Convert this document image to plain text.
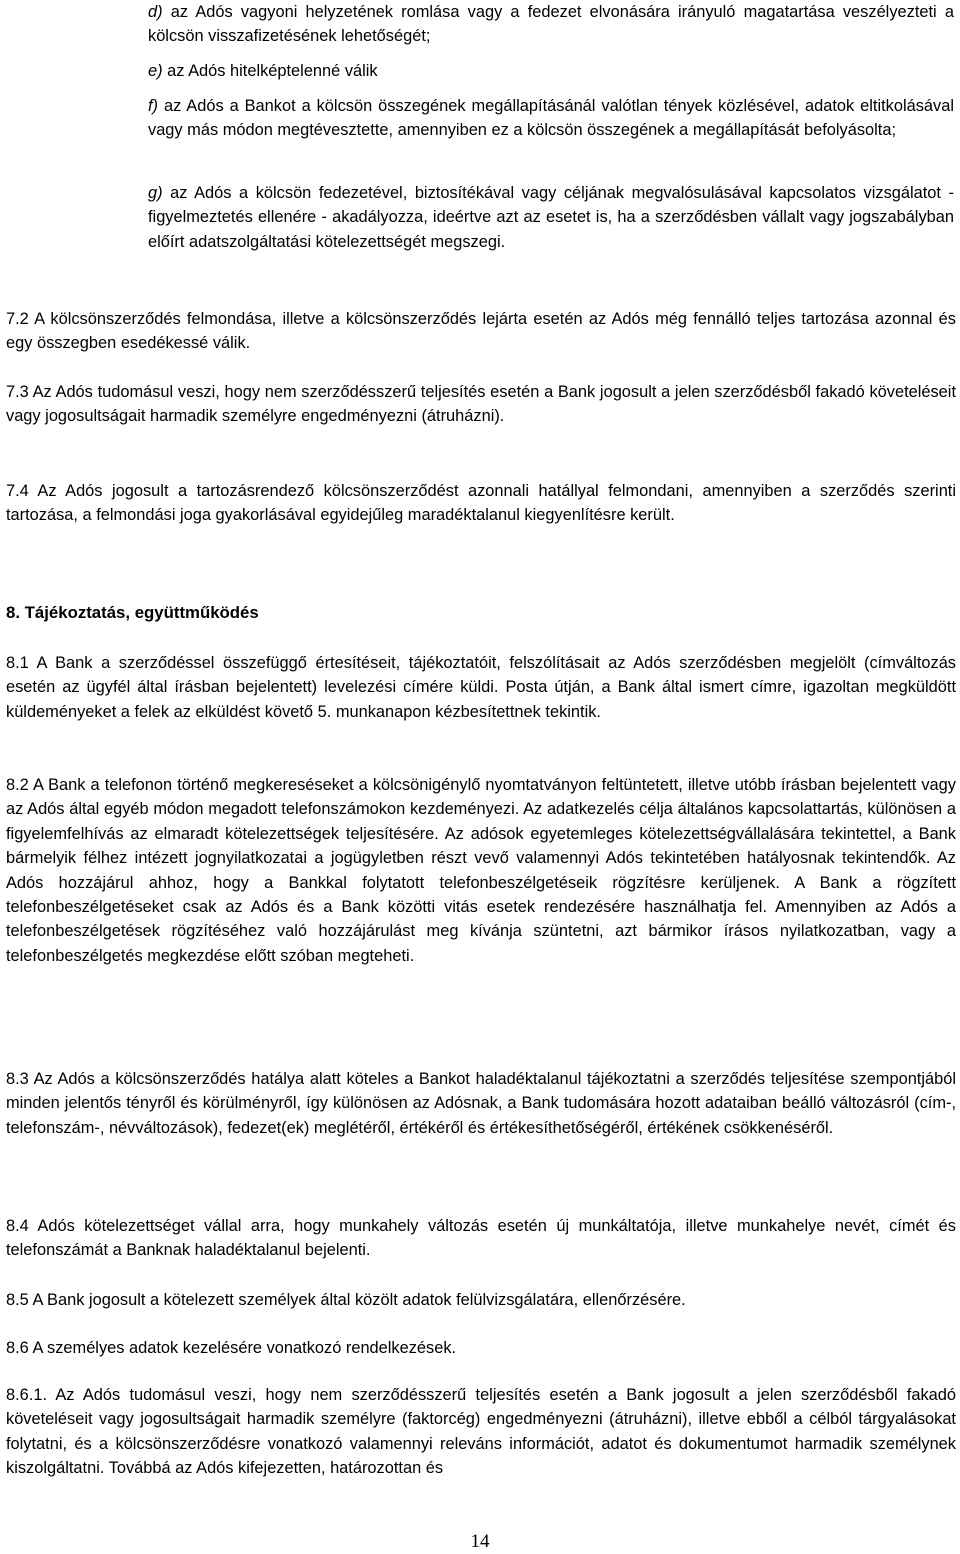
d) az Adós vagyoni helyzetének romlása vagy a fedezet elvonására irányuló magatartása veszélyezteti a kölcsön visszafizetésének lehetőségét;

e) az Adós hitelképtelenné válik

f) az Adós a Bankot a kölcsön összegének megállapításánál valótlan tények közlésével, adatok eltitkolásával vagy más módon megtévesztette, amennyiben ez a kölcsön összegének a megállapítását befolyásolta;

g) az Adós a kölcsön fedezetével, biztosítékával vagy céljának megvalósulásával kapcsolatos vizsgálatot - figyelmeztetés ellenére - akadályozza, ideértve azt az esetet is, ha a szerződésben vállalt vagy jogszabályban előírt adatszolgáltatási kötelezettségét megszegi.

7.2 A kölcsönszerződés felmondása, illetve a kölcsönszerződés lejárta esetén az Adós még fennálló teljes tartozása azonnal és egy összegben esedékessé válik.

7.3 Az Adós tudomásul veszi, hogy nem szerződésszerű teljesítés esetén a Bank jogosult a jelen szerződésből fakadó követeléseit vagy jogosultságait harmadik személyre engedményezni (átruházni).

7.4 Az Adós jogosult a tartozásrendező kölcsönszerződést azonnali hatállyal felmondani, amennyiben a szerződés szerinti tartozása, a felmondási joga gyakorlásával egyidejűleg maradéktalanul kiegyenlítésre került.

8. Tájékoztatás, együttműködés

8.1 A Bank a szerződéssel összefüggő értesítéseit, tájékoztatóit, felszólításait az Adós szerződésben megjelölt (címváltozás esetén az ügyfél által írásban bejelentett) levelezési címére küldi. Posta útján, a Bank által ismert címre, igazoltan megküldött küldeményeket a felek az elküldést követő 5. munkanapon kézbesítettnek tekintik.

8.2 A Bank a telefonon történő megkereséseket a kölcsönigénylő nyomtatványon feltüntetett, illetve utóbb írásban bejelentett vagy az Adós által egyéb módon megadott telefonszámokon kezdeményezi. Az adatkezelés célja általános kapcsolattartás, különösen a figyelemfelhívás az elmaradt kötelezettségek teljesítésére. Az adósok egyetemleges kötelezettségvállalására tekintettel, a Bank bármelyik félhez intézett jognyilatkozatai a jogügyletben részt vevő valamennyi Adós tekintetében hatályosnak tekintendők. Az Adós hozzájárul ahhoz, hogy a Bankkal folytatott telefonbeszélgetéseik rögzítésre kerüljenek. A Bank a rögzített telefonbeszélgetéseket csak az Adós és a Bank közötti vitás esetek rendezésére használhatja fel. Amennyiben az Adós a telefonbeszélgetések rögzítéséhez való hozzájárulást meg kívánja szüntetni, azt bármikor írásos nyilatkozatban, vagy a telefonbeszélgetés megkezdése előtt szóban megteheti.

8.3 Az Adós a kölcsönszerződés hatálya alatt köteles a Bankot haladéktalanul tájékoztatni a szerződés teljesítése szempontjából minden jelentős tényről és körülményről, így különösen az Adósnak, a Bank tudomására hozott adataiban beálló változásról (cím-, telefonszám-, névváltozások), fedezet(ek) meglétéről, értékéről és értékesíthetőségéről, értékének csökkenéséről.

8.4 Adós kötelezettséget vállal arra, hogy munkahely változás esetén új munkáltatója, illetve munkahelye nevét, címét és telefonszámát a Banknak haladéktalanul bejelenti.

8.5 A Bank jogosult a kötelezett személyek által közölt adatok felülvizsgálatára, ellenőrzésére.

8.6 A személyes adatok kezelésére vonatkozó rendelkezések.

8.6.1. Az Adós tudomásul veszi, hogy nem szerződésszerű teljesítés esetén a Bank jogosult a jelen szerződésből fakadó követeléseit vagy jogosultságait harmadik személyre (faktorcég) engedményezni (átruházni), illetve ebből a célból tárgyalásokat folytatni, és a kölcsönszerződésre vonatkozó valamennyi releváns információt, adatot és dokumentumot harmadik személynek kiszolgáltatni. Továbbá az Adós kifejezetten, határozottan és

14
